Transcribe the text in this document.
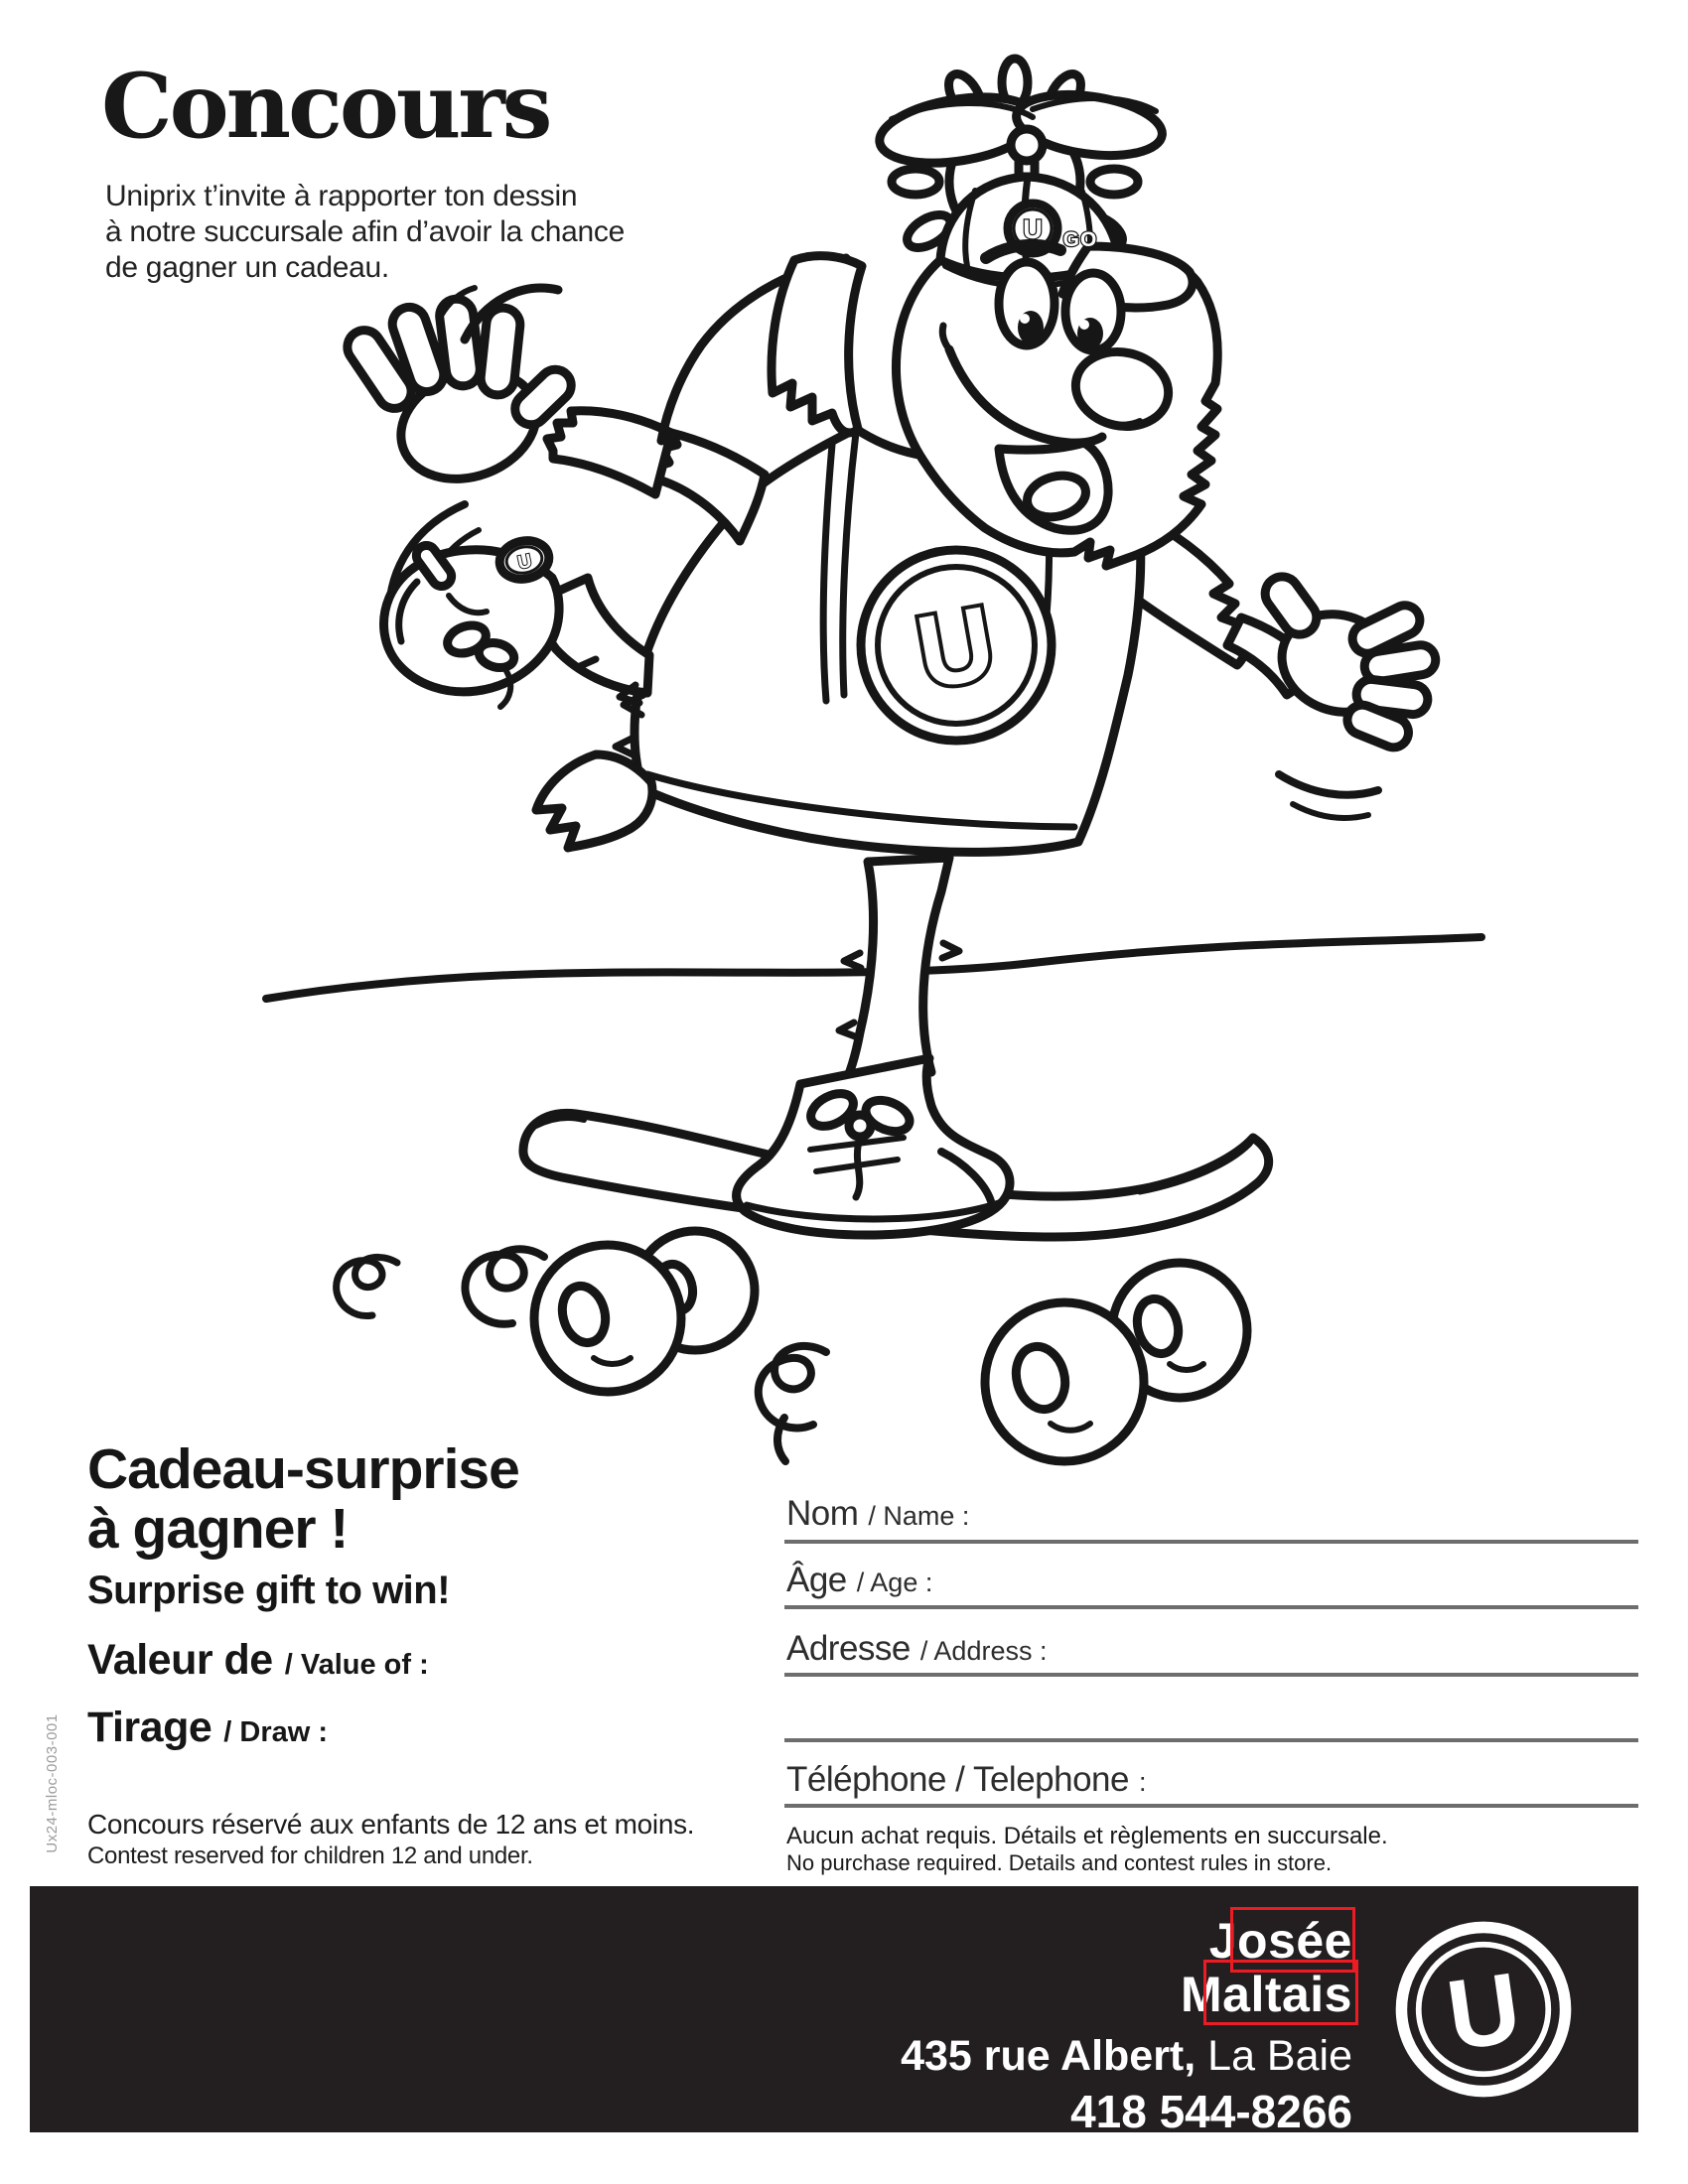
Concours
Uniprix t’invite à rapporter ton dessin
à notre succursale afin d’avoir la chance
de gagner un cadeau.
U
U
U GO
Cadeau-surprise
à gagner !
Surprise gift to win!
Valeur de / Value of :
Tirage / Draw :
Concours réservé aux enfants de 12 ans et moins.
Contest reserved for children 12 and under.
Nom / Name :
Âge / Age :
Adresse / Address :
Téléphone / Telephone :
Aucun achat requis. Détails et règlements en succursale.
No purchase required. Details and contest rules in store.
Ux24-mloc-003-001
Josée
Maltais
435 rue Albert, La Baie
418 544-8266
U
